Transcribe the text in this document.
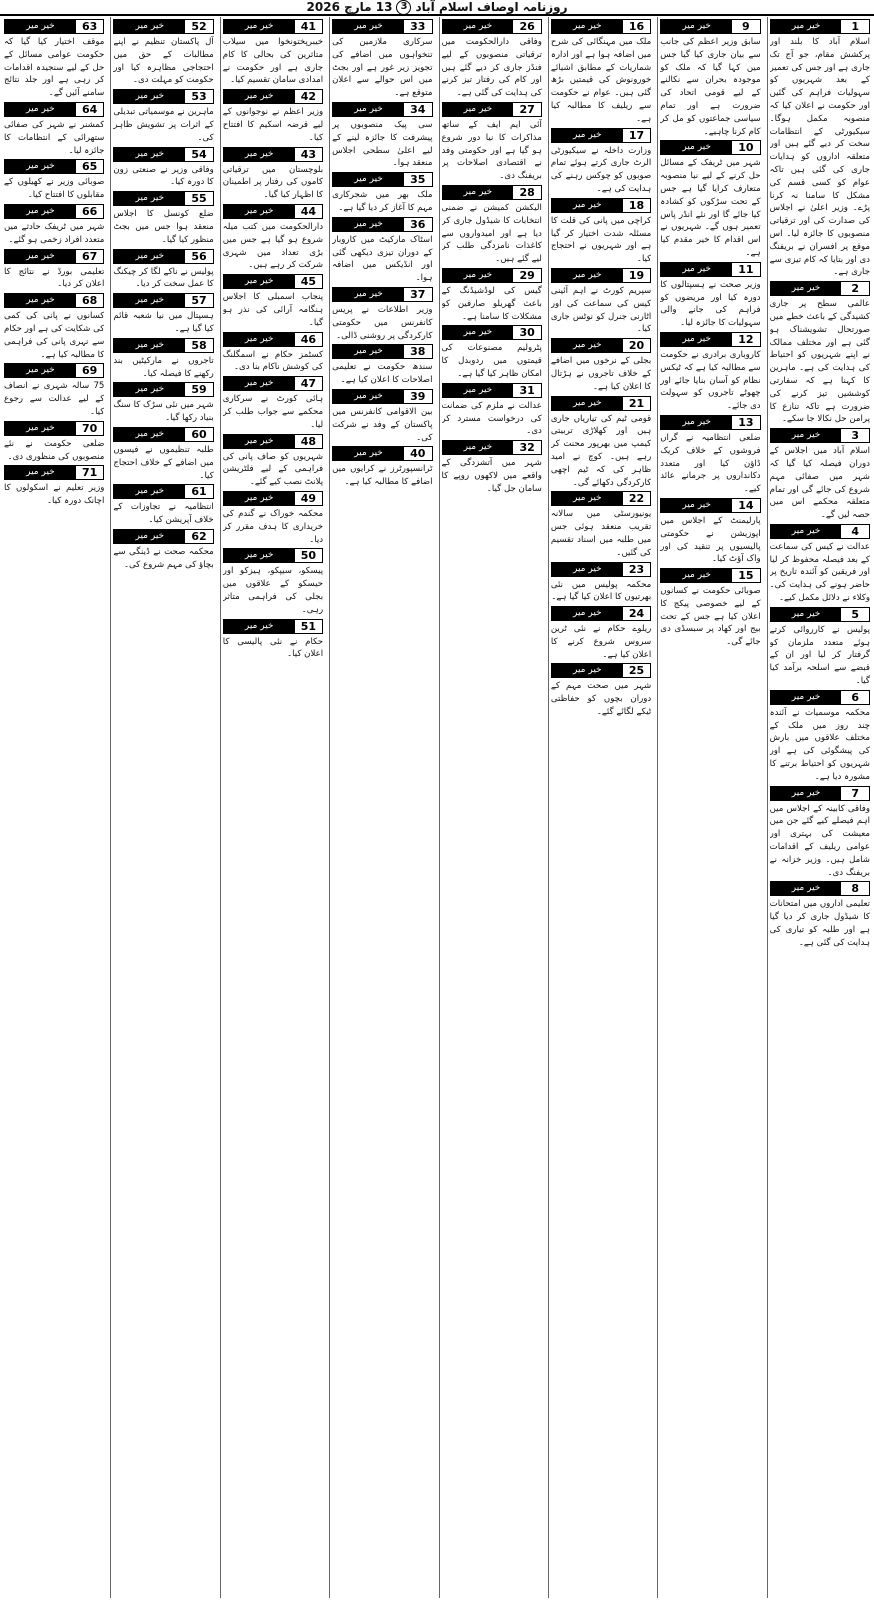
روزنامہ اوصاف اسلام آباد
3
13 مارچ 2026
1
خیر میر
اسلام آباد کا بلند اور پرکشش مقام، جو آج تک جاری ہے اور جس کی تعمیر کے بعد شہریوں کو سہولیات فراہم کی گئیں اور حکومت نے اعلان کیا کہ منصوبہ مکمل ہوگا۔ سیکیورٹی کے انتظامات سخت کر دیے گئے ہیں اور متعلقہ اداروں کو ہدایات جاری کی گئی ہیں تاکہ عوام کو کسی قسم کی مشکل کا سامنا نہ کرنا پڑے۔ وزیر اعلیٰ نے اجلاس کی صدارت کی اور ترقیاتی منصوبوں کا جائزہ لیا۔ اس موقع پر افسران نے بریفنگ دی اور بتایا کہ کام تیزی سے جاری ہے۔
2
خیر میر
عالمی سطح پر جاری کشیدگی کے باعث خطے میں صورتحال تشویشناک ہو گئی ہے اور مختلف ممالک نے اپنے شہریوں کو احتیاط کی ہدایت کی ہے۔ ماہرین کا کہنا ہے کہ سفارتی کوششیں تیز کرنے کی ضرورت ہے تاکہ تنازع کا پرامن حل نکالا جا سکے۔
3
خیر میر
اسلام آباد میں اجلاس کے دوران فیصلہ کیا گیا کہ شہر میں صفائی مہم شروع کی جائے گی اور تمام متعلقہ محکمے اس میں حصہ لیں گے۔
4
خیر میر
عدالت نے کیس کی سماعت کے بعد فیصلہ محفوظ کر لیا اور فریقین کو آئندہ تاریخ پر حاضر ہونے کی ہدایت کی۔ وکلاء نے دلائل مکمل کیے۔
5
خیر میر
پولیس نے کارروائی کرتے ہوئے متعدد ملزمان کو گرفتار کر لیا اور ان کے قبضے سے اسلحہ برآمد کیا گیا۔
6
خیر میر
محکمہ موسمیات نے آئندہ چند روز میں ملک کے مختلف علاقوں میں بارش کی پیشگوئی کی ہے اور شہریوں کو احتیاط برتنے کا مشورہ دیا ہے۔
7
خیر میر
وفاقی کابینہ کے اجلاس میں اہم فیصلے کیے گئے جن میں معیشت کی بہتری اور عوامی ریلیف کے اقدامات شامل ہیں۔ وزیر خزانہ نے بریفنگ دی۔
8
خیر میر
تعلیمی اداروں میں امتحانات کا شیڈول جاری کر دیا گیا ہے اور طلبہ کو تیاری کی ہدایت کی گئی ہے۔
9
خیر میر
سابق وزیر اعظم کی جانب سے بیان جاری کیا گیا جس میں کہا گیا کہ ملک کو موجودہ بحران سے نکالنے کے لیے قومی اتحاد کی ضرورت ہے اور تمام سیاسی جماعتوں کو مل کر کام کرنا چاہیے۔
10
خیر میر
شہر میں ٹریفک کے مسائل حل کرنے کے لیے نیا منصوبہ متعارف کرایا گیا ہے جس کے تحت سڑکوں کو کشادہ کیا جائے گا اور نئے انڈر پاس تعمیر ہوں گے۔ شہریوں نے اس اقدام کا خیر مقدم کیا ہے۔
11
خیر میر
وزیر صحت نے ہسپتالوں کا دورہ کیا اور مریضوں کو فراہم کی جانے والی سہولیات کا جائزہ لیا۔
12
خیر میر
کاروباری برادری نے حکومت سے مطالبہ کیا ہے کہ ٹیکس نظام کو آسان بنایا جائے اور چھوٹے تاجروں کو سہولت دی جائے۔
13
خیر میر
ضلعی انتظامیہ نے گراں فروشوں کے خلاف کریک ڈاؤن کیا اور متعدد دکانداروں پر جرمانے عائد کیے۔
14
خیر میر
پارلیمنٹ کے اجلاس میں اپوزیشن نے حکومتی پالیسیوں پر تنقید کی اور واک آؤٹ کیا۔
15
خیر میر
صوبائی حکومت نے کسانوں کے لیے خصوصی پیکج کا اعلان کیا ہے جس کے تحت بیج اور کھاد پر سبسڈی دی جائے گی۔
16
خیر میر
ملک میں مہنگائی کی شرح میں اضافہ ہوا ہے اور ادارہ شماریات کے مطابق اشیائے خورونوش کی قیمتیں بڑھ گئی ہیں۔ عوام نے حکومت سے ریلیف کا مطالبہ کیا ہے۔
17
خیر میر
وزارت داخلہ نے سیکیورٹی الرٹ جاری کرتے ہوئے تمام صوبوں کو چوکس رہنے کی ہدایت کی ہے۔
18
خیر میر
کراچی میں پانی کی قلت کا مسئلہ شدت اختیار کر گیا ہے اور شہریوں نے احتجاج کیا۔
19
خیر میر
سپریم کورٹ نے اہم آئینی کیس کی سماعت کی اور اٹارنی جنرل کو نوٹس جاری کیا۔
20
خیر میر
بجلی کے نرخوں میں اضافے کے خلاف تاجروں نے ہڑتال کا اعلان کیا ہے۔
21
خیر میر
قومی ٹیم کی تیاریاں جاری ہیں اور کھلاڑی تربیتی کیمپ میں بھرپور محنت کر رہے ہیں۔ کوچ نے امید ظاہر کی کہ ٹیم اچھی کارکردگی دکھائے گی۔
22
خیر میر
یونیورسٹی میں سالانہ تقریب منعقد ہوئی جس میں طلبہ میں اسناد تقسیم کی گئیں۔
23
خیر میر
محکمہ پولیس میں نئی بھرتیوں کا اعلان کیا گیا ہے۔
24
خیر میر
ریلوے حکام نے نئی ٹرین سروس شروع کرنے کا اعلان کیا ہے۔
25
خیر میر
شہر میں صحت مہم کے دوران بچوں کو حفاظتی ٹیکے لگائے گئے۔
26
خیر میر
وفاقی دارالحکومت میں ترقیاتی منصوبوں کے لیے فنڈز جاری کر دیے گئے ہیں اور کام کی رفتار تیز کرنے کی ہدایت کی گئی ہے۔
27
خیر میر
آئی ایم ایف کے ساتھ مذاکرات کا نیا دور شروع ہو گیا ہے اور حکومتی وفد نے اقتصادی اصلاحات پر بریفنگ دی۔
28
خیر میر
الیکشن کمیشن نے ضمنی انتخابات کا شیڈول جاری کر دیا ہے اور امیدواروں سے کاغذات نامزدگی طلب کر لیے گئے ہیں۔
29
خیر میر
گیس کی لوڈشیڈنگ کے باعث گھریلو صارفین کو مشکلات کا سامنا ہے۔
30
خیر میر
پٹرولیم مصنوعات کی قیمتوں میں ردوبدل کا امکان ظاہر کیا گیا ہے۔
31
خیر میر
عدالت نے ملزم کی ضمانت کی درخواست مسترد کر دی۔
32
خیر میر
شہر میں آتشزدگی کے واقعے میں لاکھوں روپے کا سامان جل گیا۔
33
خیر میر
سرکاری ملازمین کی تنخواہوں میں اضافے کی تجویز زیر غور ہے اور بجٹ میں اس حوالے سے اعلان متوقع ہے۔
34
خیر میر
سی پیک منصوبوں پر پیشرفت کا جائزہ لینے کے لیے اعلیٰ سطحی اجلاس منعقد ہوا۔
35
خیر میر
ملک بھر میں شجرکاری مہم کا آغاز کر دیا گیا ہے۔
36
خیر میر
اسٹاک مارکیٹ میں کاروبار کے دوران تیزی دیکھی گئی اور انڈیکس میں اضافہ ہوا۔
37
خیر میر
وزیر اطلاعات نے پریس کانفرنس میں حکومتی کارکردگی پر روشنی ڈالی۔
38
خیر میر
سندھ حکومت نے تعلیمی اصلاحات کا اعلان کیا ہے۔
39
خیر میر
بین الاقوامی کانفرنس میں پاکستان کے وفد نے شرکت کی۔
40
خیر میر
ٹرانسپورٹرز نے کرایوں میں اضافے کا مطالبہ کیا ہے۔
41
خیر میر
خیبرپختونخوا میں سیلاب متاثرین کی بحالی کا کام جاری ہے اور حکومت نے امدادی سامان تقسیم کیا۔
42
خیر میر
وزیر اعظم نے نوجوانوں کے لیے قرضہ اسکیم کا افتتاح کیا۔
43
خیر میر
بلوچستان میں ترقیاتی کاموں کی رفتار پر اطمینان کا اظہار کیا گیا۔
44
خیر میر
دارالحکومت میں کتب میلہ شروع ہو گیا ہے جس میں بڑی تعداد میں شہری شرکت کر رہے ہیں۔
45
خیر میر
پنجاب اسمبلی کا اجلاس ہنگامہ آرائی کی نذر ہو گیا۔
46
خیر میر
کسٹمز حکام نے اسمگلنگ کی کوشش ناکام بنا دی۔
47
خیر میر
ہائی کورٹ نے سرکاری محکمے سے جواب طلب کر لیا۔
48
خیر میر
شہریوں کو صاف پانی کی فراہمی کے لیے فلٹریشن پلانٹ نصب کیے گئے۔
49
خیر میر
محکمہ خوراک نے گندم کی خریداری کا ہدف مقرر کر دیا۔
50
خیر میر
پیسکو، سیپکو، ہیزکو اور حیسکو کے علاقوں میں بجلی کی فراہمی متاثر رہی۔
51
خیر میر
حکام نے نئی پالیسی کا اعلان کیا۔
52
خیر میر
آل پاکستان تنظیم نے اپنے مطالبات کے حق میں احتجاجی مظاہرہ کیا اور حکومت کو مہلت دی۔
53
خیر میر
ماہرین نے موسمیاتی تبدیلی کے اثرات پر تشویش ظاہر کی۔
54
خیر میر
وفاقی وزیر نے صنعتی زون کا دورہ کیا۔
55
خیر میر
ضلع کونسل کا اجلاس منعقد ہوا جس میں بجٹ منظور کیا گیا۔
56
خیر میر
پولیس نے ناکے لگا کر چیکنگ کا عمل سخت کر دیا۔
57
خیر میر
ہسپتال میں نیا شعبہ قائم کیا گیا ہے۔
58
خیر میر
تاجروں نے مارکیٹیں بند رکھنے کا فیصلہ کیا۔
59
خیر میر
شہر میں نئی سڑک کا سنگ بنیاد رکھا گیا۔
60
خیر میر
طلبہ تنظیموں نے فیسوں میں اضافے کے خلاف احتجاج کیا۔
61
خیر میر
انتظامیہ نے تجاوزات کے خلاف آپریشن کیا۔
62
خیر میر
محکمہ صحت نے ڈینگی سے بچاؤ کی مہم شروع کی۔
63
خیر میر
موقف اختیار کیا گیا کہ حکومت عوامی مسائل کے حل کے لیے سنجیدہ اقدامات کر رہی ہے اور جلد نتائج سامنے آئیں گے۔
64
خیر میر
کمشنر نے شہر کی صفائی ستھرائی کے انتظامات کا جائزہ لیا۔
65
خیر میر
صوبائی وزیر نے کھیلوں کے مقابلوں کا افتتاح کیا۔
66
خیر میر
شہر میں ٹریفک حادثے میں متعدد افراد زخمی ہو گئے۔
67
خیر میر
تعلیمی بورڈ نے نتائج کا اعلان کر دیا۔
68
خیر میر
کسانوں نے پانی کی کمی کی شکایت کی ہے اور حکام سے نہری پانی کی فراہمی کا مطالبہ کیا ہے۔
69
خیر میر
75 سالہ شہری نے انصاف کے لیے عدالت سے رجوع کیا۔
70
خیر میر
ضلعی حکومت نے نئے منصوبوں کی منظوری دی۔
71
خیر میر
وزیر تعلیم نے اسکولوں کا اچانک دورہ کیا۔
